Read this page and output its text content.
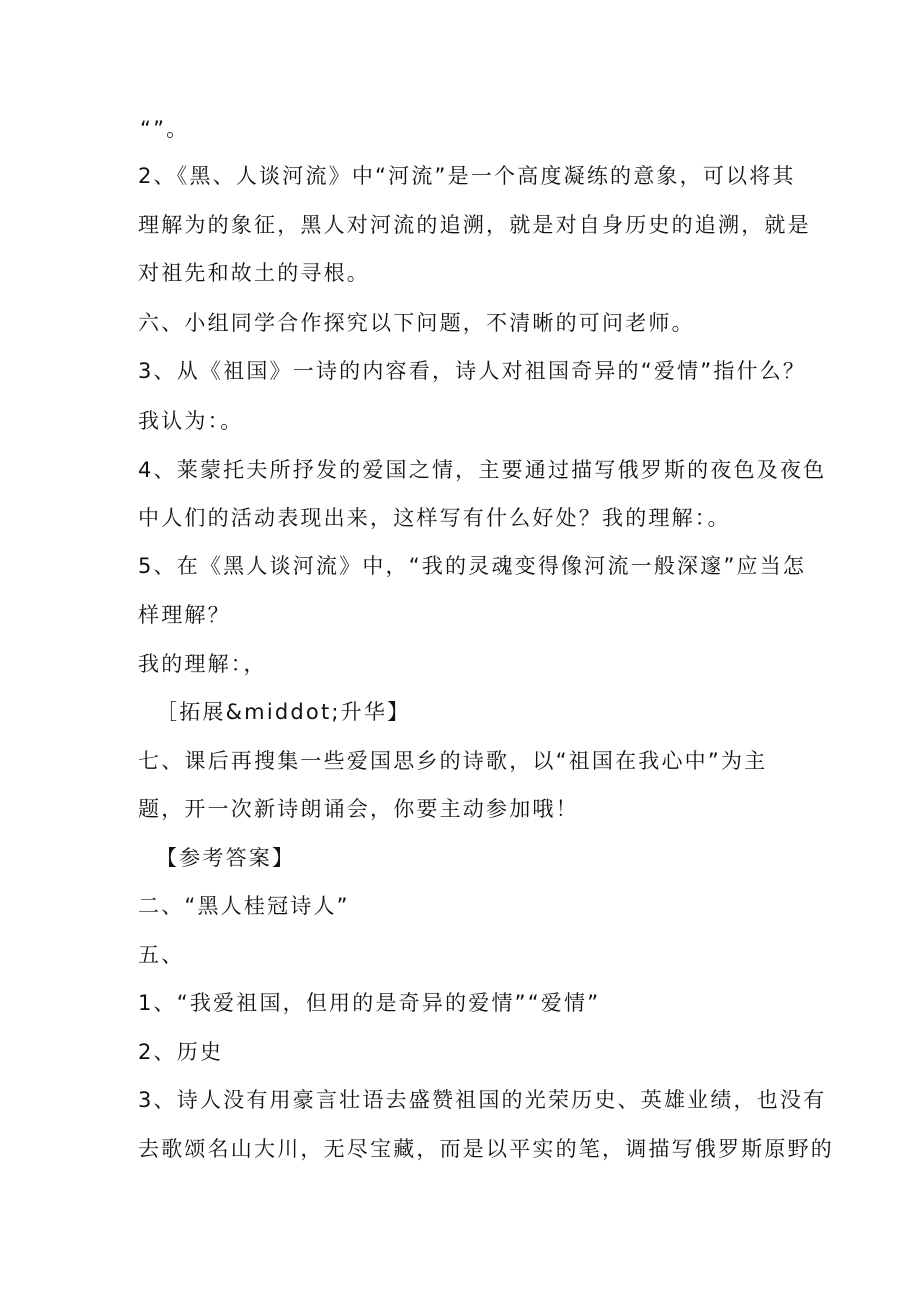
“”。
2、《黑、人谈河流》中“河流”是一个高度凝练的意象，可以将其
理解为的象征，黑人对河流的追溯，就是对自身历史的追溯，就是
对祖先和故土的寻根。
六、小组同学合作探究以下问题，不清晰的可问老师。
3、从《祖国》一诗的内容看，诗人对祖国奇异的“爱情”指什么？
我认为：。
4、莱蒙托夫所抒发的爱国之情，主要通过描写俄罗斯的夜色及夜色
中人们的活动表现出来，这样写有什么好处？我的理解：。
5、在《黑人谈河流》中，“我的灵魂变得像河流一般深邃”应当怎
样理解？
我的理解：，
［拓展&middot;升华】
七、课后再搜集一些爱国思乡的诗歌，以“祖国在我心中”为主
题，开一次新诗朗诵会，你要主动参加哦！
【参考答案】
二、“黑人桂冠诗人”
五、
1、“我爱祖国，但用的是奇异的爱情”“爱情”
2、历史
3、诗人没有用豪言壮语去盛赞祖国的光荣历史、英雄业绩，也没有
去歌颂名山大川，无尽宝藏，而是以平实的笔，调描写俄罗斯原野的
